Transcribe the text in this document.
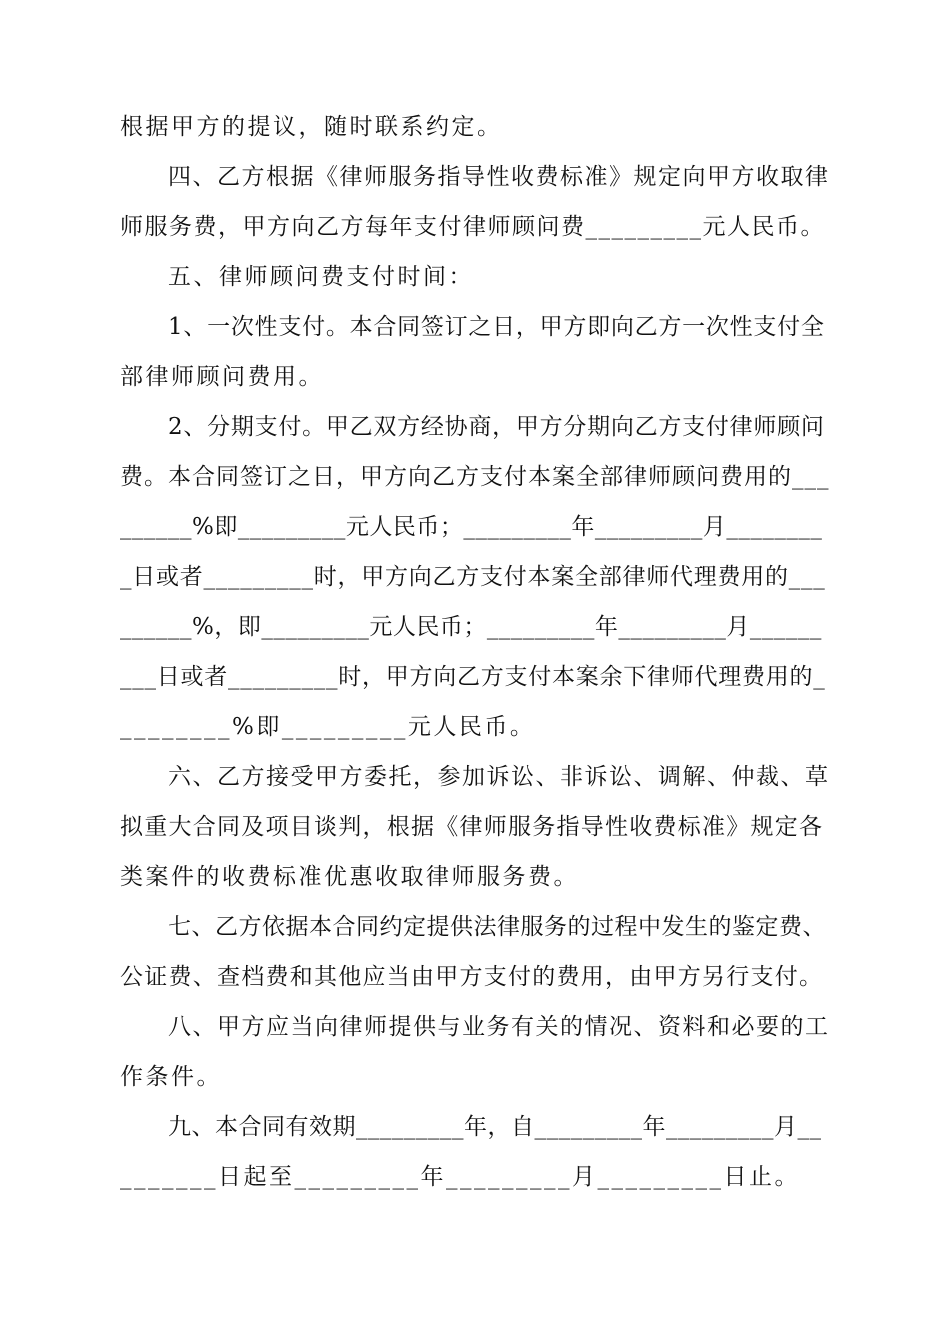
根据甲方的提议，随时联系约定。
四、乙方根据《律师服务指导性收费标准》规定向甲方收取律
师服务费，甲方向乙方每年支付律师顾问费_________元人民币。
五、律师顾问费支付时间：
1、一次性支付。本合同签订之日，甲方即向乙方一次性支付全
部律师顾问费用。
2、分期支付。甲乙双方经协商，甲方分期向乙方支付律师顾问
费。本合同签订之日，甲方向乙方支付本案全部律师顾问费用的___
______%即_________元人民币；_________年_________月________
_日或者_________时，甲方向乙方支付本案全部律师代理费用的___
______%，即_________元人民币；_________年_________月______
___日或者_________时，甲方向乙方支付本案余下律师代理费用的_
________%即_________元人民币。
六、乙方接受甲方委托，参加诉讼、非诉讼、调解、仲裁、草
拟重大合同及项目谈判，根据《律师服务指导性收费标准》规定各
类案件的收费标准优惠收取律师服务费。
七、乙方依据本合同约定提供法律服务的过程中发生的鉴定费、
公证费、查档费和其他应当由甲方支付的费用，由甲方另行支付。
八、甲方应当向律师提供与业务有关的情况、资料和必要的工
作条件。
九、本合同有效期_________年，自_________年_________月__
_______日起至_________年_________月_________日止。
